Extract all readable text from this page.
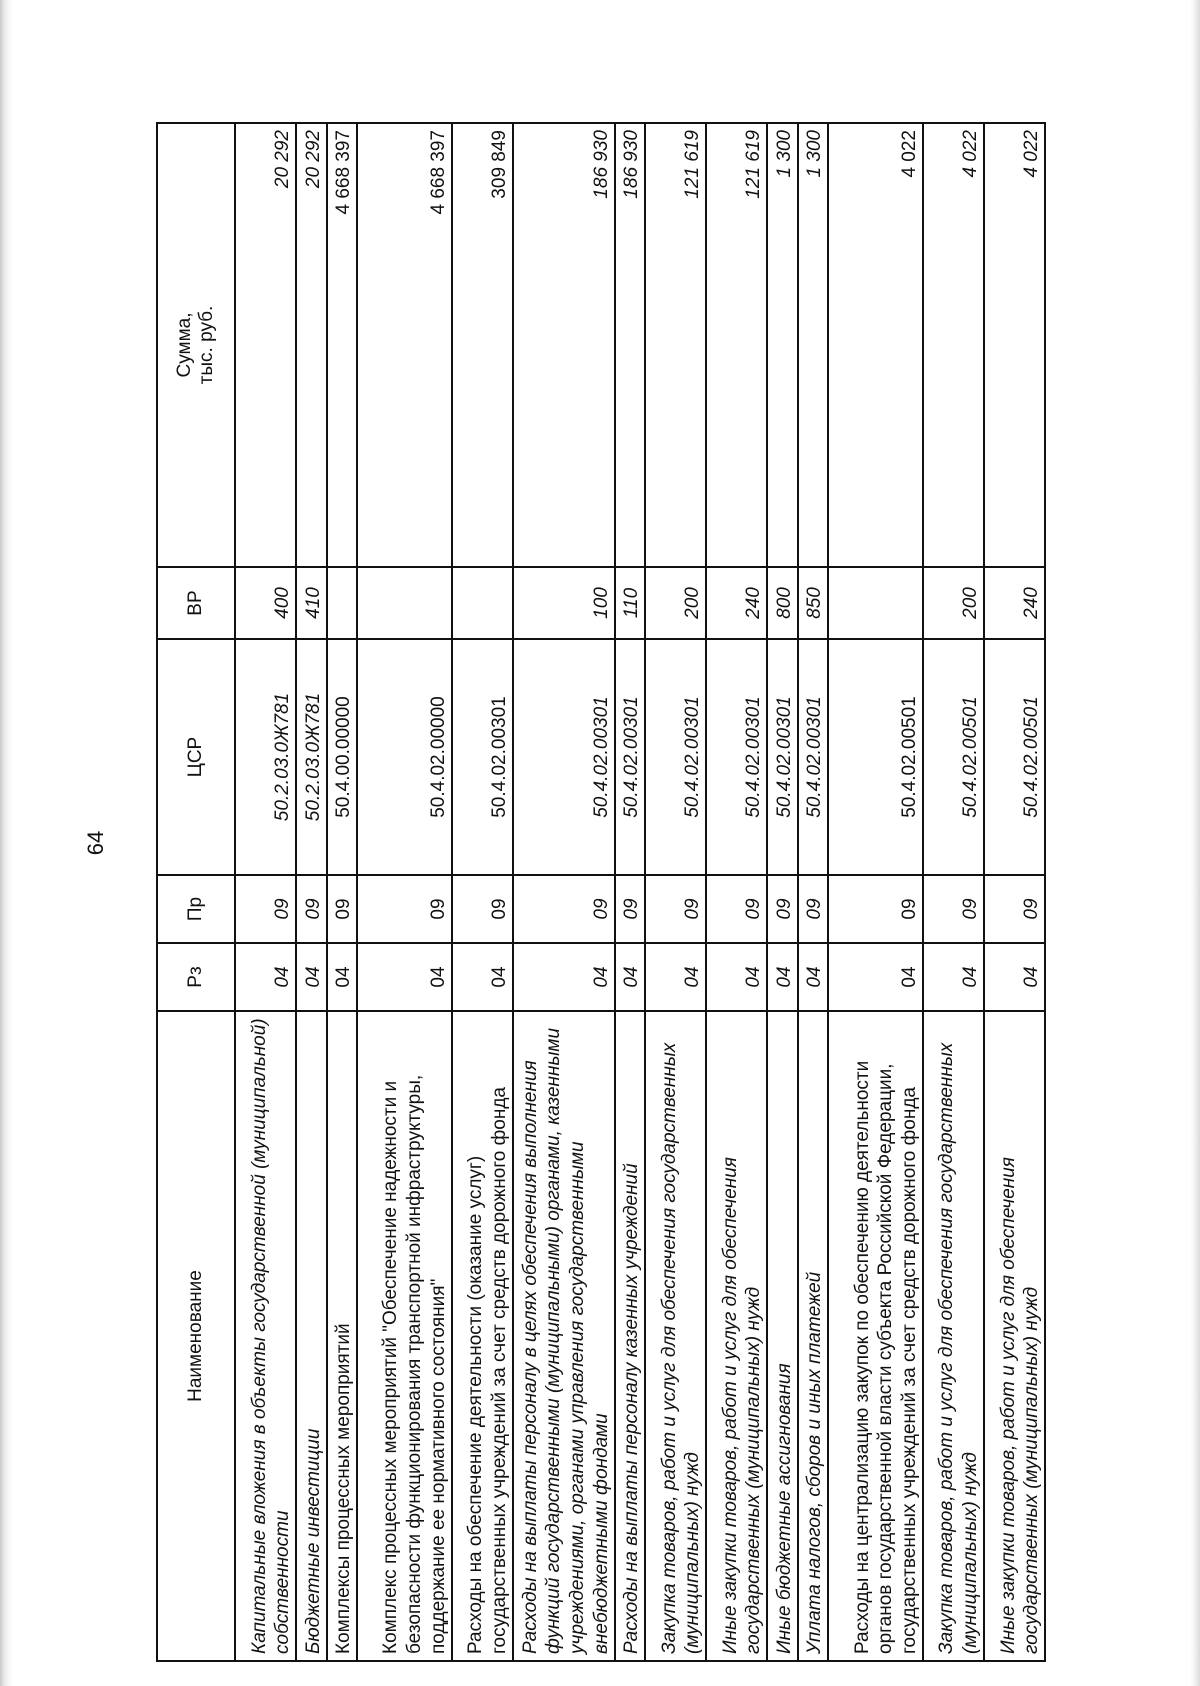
64
Наименование	Рз	Пр	ЦСР	ВР	Сумма,
тыс. руб.
Капитальные вложения в объекты государственной (муниципальной) собственности	04	09	50.2.03.0Ж781	400	20 292
Бюджетные инвестиции	04	09	50.2.03.0Ж781	410	20 292
Комплексы процессных мероприятий	04	09	50.4.00.00000		4 668 397
Комплекс процессных мероприятий "Обеспечение надежности и безопасности функционирования транспортной инфраструктуры, поддержание ее нормативного состояния"	04	09	50.4.02.00000		4 668 397
Расходы на обеспечение деятельности (оказание услуг) государственных учреждений за счет средств дорожного фонда	04	09	50.4.02.00301		309 849
Расходы на выплаты персоналу в целях обеспечения выполнения функций государственными (муниципальными) органами, казенными учреждениями, органами управления государственными внебюджетными фондами	04	09	50.4.02.00301	100	186 930
Расходы на выплаты персоналу казенных учреждений	04	09	50.4.02.00301	110	186 930
Закупка товаров, работ и услуг для обеспечения государственных (муниципальных) нужд	04	09	50.4.02.00301	200	121 619
Иные закупки товаров, работ и услуг для обеспечения государственных (муниципальных) нужд	04	09	50.4.02.00301	240	121 619
Иные бюджетные ассигнования	04	09	50.4.02.00301	800	1 300
Уплата налогов, сборов и иных платежей	04	09	50.4.02.00301	850	1 300
Расходы на централизацию закупок по обеспечению деятельности органов государственной власти субъекта Российской Федерации, государственных учреждений за счет средств дорожного фонда	04	09	50.4.02.00501		4 022
Закупка товаров, работ и услуг для обеспечения государственных (муниципальных) нужд	04	09	50.4.02.00501	200	4 022
Иные закупки товаров, работ и услуг для обеспечения государственных (муниципальных) нужд	04	09	50.4.02.00501	240	4 022
